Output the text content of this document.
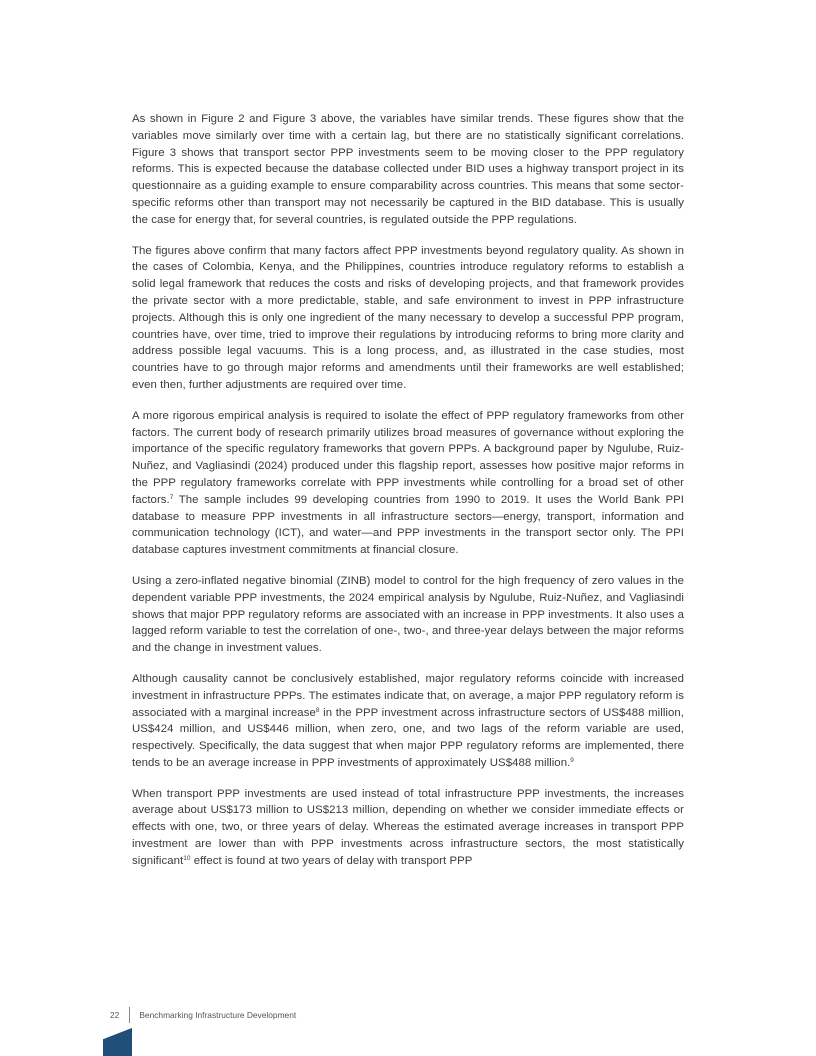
As shown in Figure 2 and Figure 3 above, the variables have similar trends. These figures show that the variables move similarly over time with a certain lag, but there are no statistically significant correlations. Figure 3 shows that transport sector PPP investments seem to be moving closer to the PPP regulatory reforms. This is expected because the database collected under BID uses a highway transport project in its questionnaire as a guiding example to ensure comparability across countries. This means that some sector-specific reforms other than transport may not necessarily be captured in the BID database. This is usually the case for energy that, for several countries, is regulated outside the PPP regulations.

The figures above confirm that many factors affect PPP investments beyond regulatory quality. As shown in the cases of Colombia, Kenya, and the Philippines, countries introduce regulatory reforms to establish a solid legal framework that reduces the costs and risks of developing projects, and that framework provides the private sector with a more predictable, stable, and safe environment to invest in PPP infrastructure projects. Although this is only one ingredient of the many necessary to develop a successful PPP program, countries have, over time, tried to improve their regulations by introducing reforms to bring more clarity and address possible legal vacuums. This is a long process, and, as illustrated in the case studies, most countries have to go through major reforms and amendments until their frameworks are well established; even then, further adjustments are required over time.

A more rigorous empirical analysis is required to isolate the effect of PPP regulatory frameworks from other factors. The current body of research primarily utilizes broad measures of governance without exploring the importance of the specific regulatory frameworks that govern PPPs. A background paper by Ngulube, Ruiz-Nuñez, and Vagliasindi (2024) produced under this flagship report, assesses how positive major reforms in the PPP regulatory frameworks correlate with PPP investments while controlling for a broad set of other factors.$^7$ The sample includes 99 developing countries from 1990 to 2019. It uses the World Bank PPI database to measure PPP investments in all infrastructure sectors—energy, transport, information and communication technology (ICT), and water—and PPP investments in the transport sector only. The PPI database captures investment commitments at financial closure.

Using a zero-inflated negative binomial (ZINB) model to control for the high frequency of zero values in the dependent variable PPP investments, the 2024 empirical analysis by Ngulube, Ruiz-Nuñez, and Vagliasindi shows that major PPP regulatory reforms are associated with an increase in PPP investments. It also uses a lagged reform variable to test the correlation of one-, two-, and three-year delays between the major reforms and the change in investment values.

Although causality cannot be conclusively established, major regulatory reforms coincide with increased investment in infrastructure PPPs. The estimates indicate that, on average, a major PPP regulatory reform is associated with a marginal increase$^8$ in the PPP investment across infrastructure sectors of US$488 million, US$424 million, and US$446 million, when zero, one, and two lags of the reform variable are used, respectively. Specifically, the data suggest that when major PPP regulatory reforms are implemented, there tends to be an average increase in PPP investments of approximately US$488 million.$^9$

When transport PPP investments are used instead of total infrastructure PPP investments, the increases average about US$173 million to US$213 million, depending on whether we consider immediate effects or effects with one, two, or three years of delay. Whereas the estimated average increases in transport PPP investment are lower than with PPP investments across infrastructure sectors, the most statistically significant$^{10}$ effect is found at two years of delay with transport PPP

22	Benchmarking Infrastructure Development
